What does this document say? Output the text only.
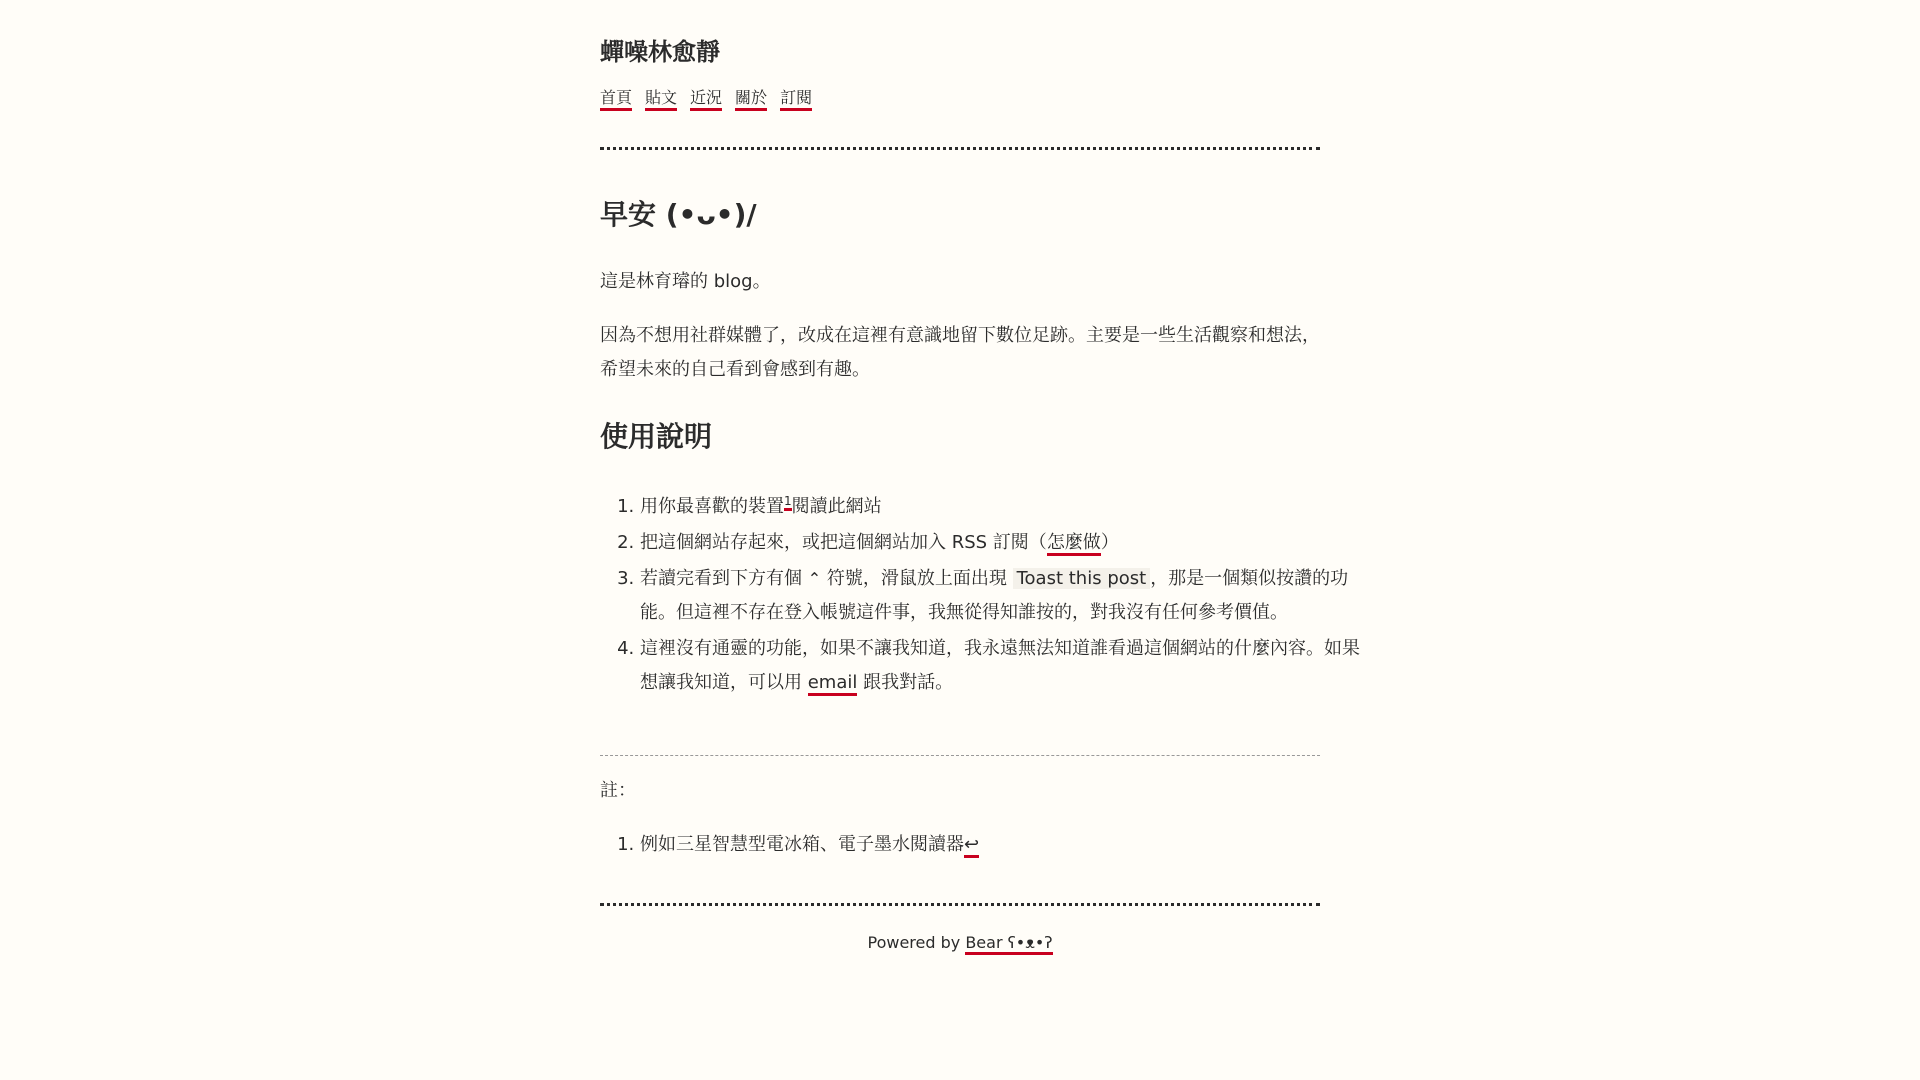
蟬噪林愈靜
首頁 貼文 近況 關於 訂閱
早安 (•ᴗ•)/

這是林育璿的 blog。

因為不想用社群媒體了，改成在這裡有意識地留下數位足跡。主要是一些生活觀察和想法，希望未來的自己看到會感到有趣。

使用說明
1. 用你最喜歡的裝置$^1$閱讀此網站
2. 把這個網站存起來，或把這個網站加入 RSS 訂閱（怎麼做）
3. 若讀完看到下方有個 ⌃ 符號，滑鼠放上面出現 Toast this post ，那是一個類似按讚的功能。但這裡不存在登入帳號這件事，我無從得知誰按的，對我沒有任何參考價值。
4. 這裡沒有通靈的功能，如果不讓我知道，我永遠無法知道誰看過這個網站的什麼內容。如果想讓我知道，可以用 email 跟我對話。

註：

1. 例如三星智慧型電冰箱、電子墨水閱讀器↩
Powered by Bear ʕ•ᴥ•ʔ
